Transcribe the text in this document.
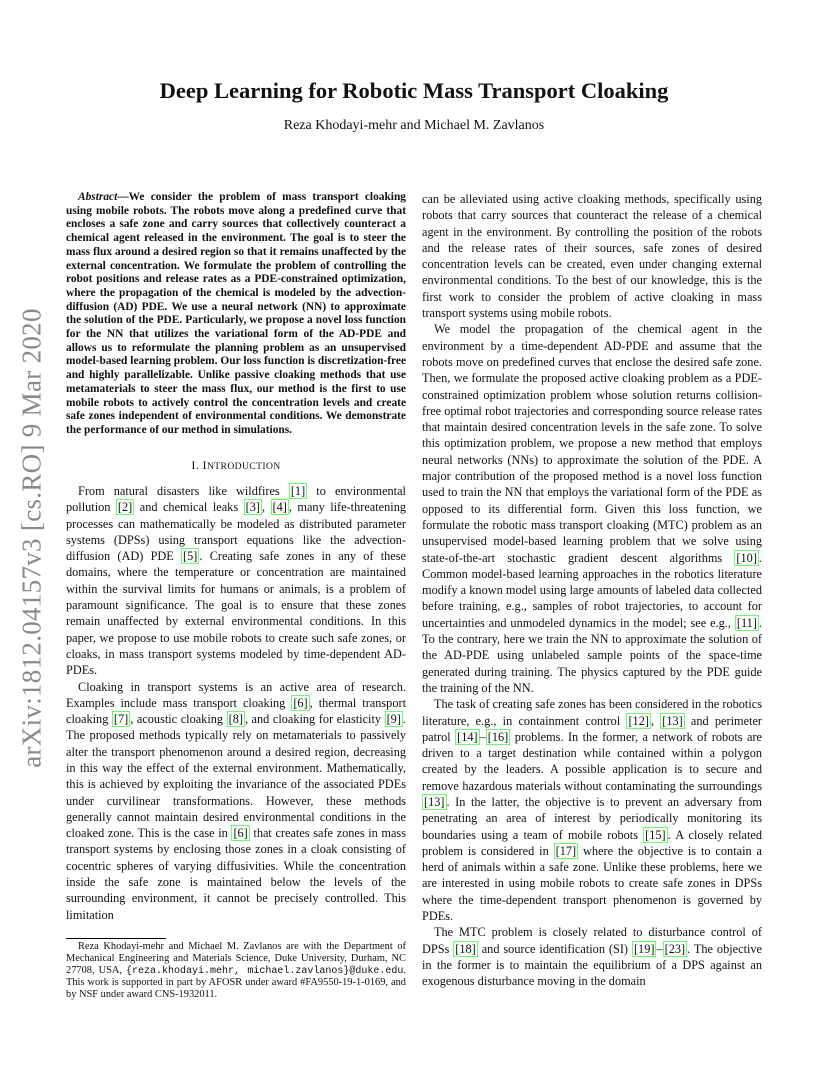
arXiv:1812.04157v3 [cs.RO] 9 Mar 2020
Deep Learning for Robotic Mass Transport Cloaking
Reza Khodayi-mehr and Michael M. Zavlanos

Abstract—We consider the problem of mass transport cloaking using mobile robots. The robots move along a predefined curve that encloses a safe zone and carry sources that collectively counteract a chemical agent released in the environment. The goal is to steer the mass flux around a desired region so that it remains unaffected by the external concentration. We formulate the problem of controlling the robot positions and release rates as a PDE-constrained optimization, where the propagation of the chemical is modeled by the advection-diffusion (AD) PDE. We use a neural network (NN) to approximate the solution of the PDE. Particularly, we propose a novel loss function for the NN that utilizes the variational form of the AD-PDE and allows us to reformulate the planning problem as an unsupervised model-based learning problem. Our loss function is discretization-free and highly parallelizable. Unlike passive cloaking methods that use metamaterials to steer the mass flux, our method is the first to use mobile robots to actively control the concentration levels and create safe zones independent of environmental conditions. We demonstrate the performance of our method in simulations.

I. INTRODUCTION

From natural disasters like wildfires [1] to environmental pollution [2] and chemical leaks [3] , [4] , many life-threatening processes can mathematically be modeled as distributed parameter systems (DPSs) using transport equations like the advection-diffusion (AD) PDE [5] . Creating safe zones in any of these domains, where the temperature or concentration are maintained within the survival limits for humans or animals, is a problem of paramount significance. The goal is to ensure that these zones remain unaffected by external environmental conditions. In this paper, we propose to use mobile robots to create such safe zones, or cloaks, in mass transport systems modeled by time-dependent AD-PDEs.

Cloaking in transport systems is an active area of research. Examples include mass transport cloaking [6] , thermal transport cloaking [7] , acoustic cloaking [8] , and cloaking for elasticity [9] . The proposed methods typically rely on metamaterials to passively alter the transport phenomenon around a desired region, decreasing in this way the effect of the external environment. Mathematically, this is achieved by exploiting the invariance of the associated PDEs under curvilinear transformations. However, these methods generally cannot maintain desired environmental conditions in the cloaked zone. This is the case in [6] that creates safe zones in mass transport systems by enclosing those zones in a cloak consisting of cocentric spheres of varying diffusivities. While the concentration inside the safe zone is maintained below the levels of the surrounding environment, it cannot be precisely controlled. This limitation

Reza Khodayi-mehr and Michael M. Zavlanos are with the Department of Mechanical Engineering and Materials Science, Duke University, Durham, NC 27708, USA, {reza.khodayi.mehr, michael.zavlanos}@duke.edu. This work is supported in part by AFOSR under award #FA9550-19-1-0169, and by NSF under award CNS-1932011.

can be alleviated using active cloaking methods, specifically using robots that carry sources that counteract the release of a chemical agent in the environment. By controlling the position of the robots and the release rates of their sources, safe zones of desired concentration levels can be created, even under changing external environmental conditions. To the best of our knowledge, this is the first work to consider the problem of active cloaking in mass transport systems using mobile robots.

We model the propagation of the chemical agent in the environment by a time-dependent AD-PDE and assume that the robots move on predefined curves that enclose the desired safe zone. Then, we formulate the proposed active cloaking problem as a PDE-constrained optimization problem whose solution returns collision-free optimal robot trajectories and corresponding source release rates that maintain desired concentration levels in the safe zone. To solve this optimization problem, we propose a new method that employs neural networks (NNs) to approximate the solution of the PDE. A major contribution of the proposed method is a novel loss function used to train the NN that employs the variational form of the PDE as opposed to its differential form. Given this loss function, we formulate the robotic mass transport cloaking (MTC) problem as an unsupervised model-based learning problem that we solve using state-of-the-art stochastic gradient descent algorithms [10] . Common model-based learning approaches in the robotics literature modify a known model using large amounts of labeled data collected before training, e.g., samples of robot trajectories, to account for uncertainties and unmodeled dynamics in the model; see e.g., [11] . To the contrary, here we train the NN to approximate the solution of the AD-PDE using unlabeled sample points of the space-time generated during training. The physics captured by the PDE guide the training of the NN.

The task of creating safe zones has been considered in the robotics literature, e.g., in containment control [12] , [13] and perimeter patrol [14] – [16] problems. In the former, a network of robots are driven to a target destination while contained within a polygon created by the leaders. A possible application is to secure and remove hazardous materials without contaminating the surroundings [13] . In the latter, the objective is to prevent an adversary from penetrating an area of interest by periodically monitoring its boundaries using a team of mobile robots [15] . A closely related problem is considered in [17] where the objective is to contain a herd of animals within a safe zone. Unlike these problems, here we are interested in using mobile robots to create safe zones in DPSs where the time-dependent transport phenomenon is governed by PDEs.

The MTC problem is closely related to disturbance control of DPSs [18] and source identification (SI) [19] – [23] . The objective in the former is to maintain the equilibrium of a DPS against an exogenous disturbance moving in the domain
